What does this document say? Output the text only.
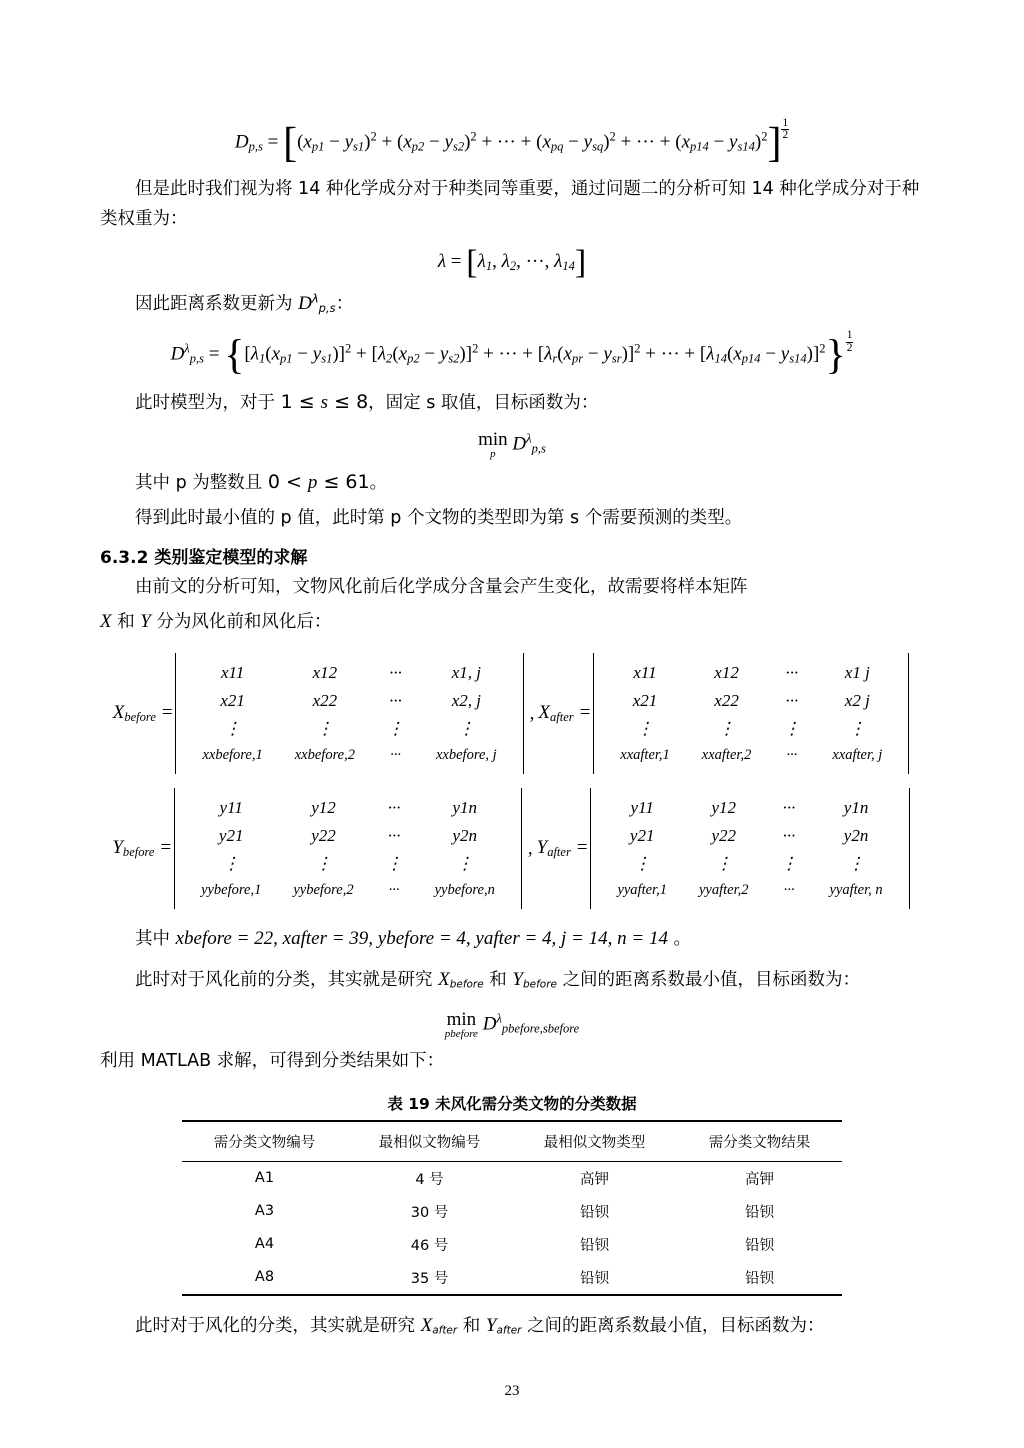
$D_{p,s} = [(x_{p1} - y_{s1})^2 + (x_{p2} - y_{s2})^2$ + ··· + $(x_{pq} - y_{sq})^2$ + ··· + $(x_{p14} - y_{s14})^2] \frac{1}{2}$

但是此时我们视为将 14 种化学成分对于种类同等重要，通过问题二的分析可知 14 种化学成分对于种类权重为：

$\lambda = [\lambda_1$, $\lambda_2$, ···, $\lambda_{14}$]

因此距离系数更新为 $D^\lambda_{p,s}$：

$D^\lambda_{p,s} = \{[\lambda_1(x_{p1} - y_{s1})]^2 + [\lambda_2(x_{p2} - y_{s2})]^2$ + ··· + $[\lambda_r(x_{pr} - y_{sr})]^2$ + ··· + $[\lambda_{14}(x_{p14} - y_{s14})]^2\} \frac{1}{2}$

此时模型为，对于 1 ≤ s ≤ 8，固定 s 取值，目标函数为：

min
p $D^\lambda_{p,s}$

其中 p 为整数且 0 < p ≤ 61。

得到此时最小值的 p 值，此时第 p 个文物的类型即为第 s 个需要预测的类型。

6.3.2 类别鉴定模型的求解

由前文的分析可知，文物风化前后化学成分含量会产生变化，故需要将样本矩阵

X 和 Y 分为风化前和风化后：

$X_{before}$ =
x11	x12	···	x1, j
x21	x22	···	x2, j
⋮	⋮	⋮	⋮
xxbefore,1	xxbefore,2	···	xxbefore, j
, $X_{after}$ =
x11	x12	···	x1 j
x21	x22	···	x2 j
⋮	⋮	⋮	⋮
xxafter,1	xxafter,2	···	xxafter, j
$Y_{before}$ =
y11	y12	···	y1n
y21	y22	···	y2n
⋮	⋮	⋮	⋮
yybefore,1	yybefore,2	···	yybefore,n
, $Y_{after}$ =
y11	y12	···	y1n
y21	y22	···	y2n
⋮	⋮	⋮	⋮
yyafter,1	yyafter,2	···	yyafter, n

其中 xbefore = 22, xafter = 39, ybefore = 4, yafter = 4, j = 14, n = 14 。

此时对于风化前的分类，其实就是研究 $X_{before}$ 和 $Y_{before}$ 之间的距离系数最小值，目标函数为：

min
pbefore $D^\lambda_{pbefore,sbefore}$

利用 MATLAB 求解，可得到分类结果如下：

表 19 未风化需分类文物的分类数据
需分类文物编号	最相似文物编号	最相似文物类型	需分类文物结果
A1	4 号	高钾	高钾
A3	30 号	铅钡	铅钡
A4	46 号	铅钡	铅钡
A8	35 号	铅钡	铅钡

此时对于风化的分类，其实就是研究 $X_{after}$ 和 $Y_{after}$ 之间的距离系数最小值，目标函数为：

23
